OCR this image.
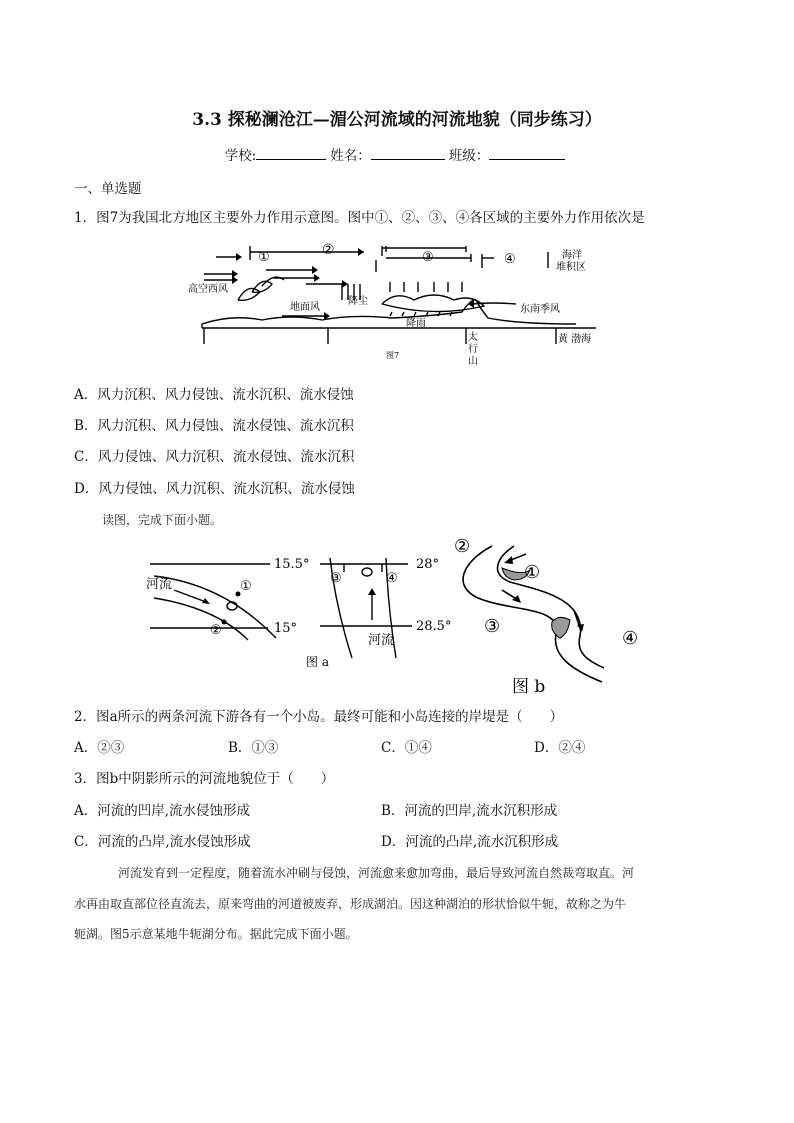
3.3 探秘澜沧江—湄公河流域的河流地貌（同步练习）
学校:	姓名：	班级：
一、单选题
1．图7为我国北方地区主要外力作用示意图。图中①、②、③、④各区域的主要外力作用依次是
①	②	③	④	海洋
堆积区
高空西风
地面风
降尘
降雨
东南季风
太
行
山
黄 渤海
图7
A．风力沉积、风力侵蚀、流水沉积、流水侵蚀
B．风力沉积、风力侵蚀、流水侵蚀、流水沉积
C．风力侵蚀、风力沉积、流水侵蚀、流水沉积
D．风力侵蚀、风力沉积、流水沉积、流水侵蚀
读图，完成下面小题。
15.5°
15°
28°
28.5°
河流
河流
①
②
③	④
图 a
②
①
③
④
图 b
2．图a所示的两条河流下游各有一个小岛。最终可能和小岛连接的岸堤是（　　）
A．②③	B．①③	C．①④	D．②④
3．图b中阴影所示的河流地貌位于（　　）
A．河流的凹岸,流水侵蚀形成	B．河流的凹岸,流水沉积形成
C．河流的凸岸,流水侵蚀形成	D．河流的凸岸,流水沉积形成
河流发育到一定程度，随着流水冲刷与侵蚀，河流愈来愈加弯曲，最后导致河流自然裁弯取直。河
水再由取直部位径直流去，原来弯曲的河道被废弃，形成湖泊。因这种湖泊的形状恰似牛轭，故称之为牛
轭湖。图5示意某地牛轭湖分布。据此完成下面小题。
